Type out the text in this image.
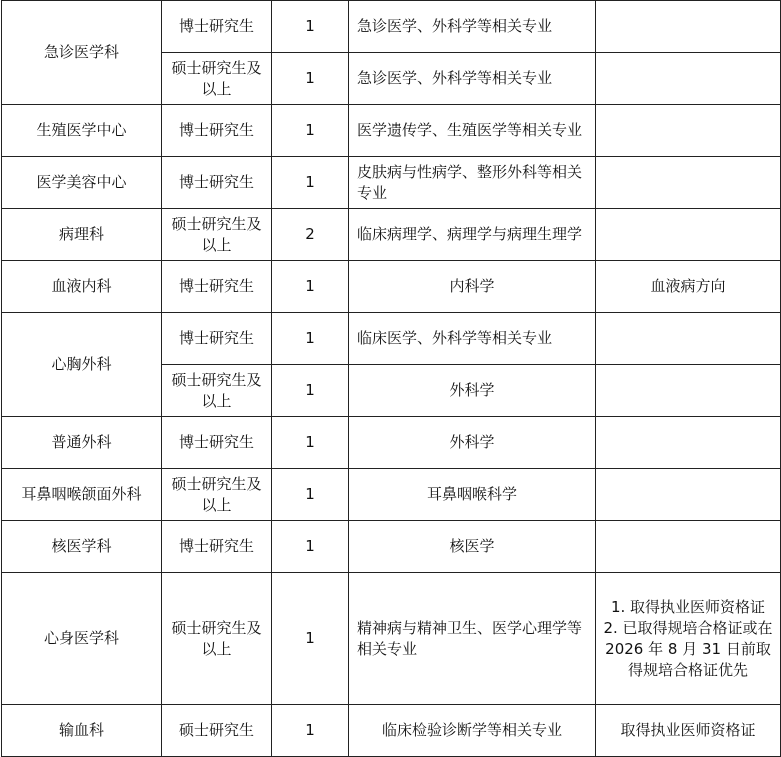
急诊医学科	博士研究生	1	急诊医学、外科学等相关专业	
	硕士研究生及以上	1	急诊医学、外科学等相关专业	
生殖医学中心	博士研究生	1	医学遗传学、生殖医学等相关专业	
医学美容中心	博士研究生	1	皮肤病与性病学、整形外科等相关专业	
病理科	硕士研究生及以上	2	临床病理学、病理学与病理生理学	
血液内科	博士研究生	1	内科学	血液病方向
心胸外科	博士研究生	1	临床医学、外科学等相关专业	
	硕士研究生及以上	1	外科学	
普通外科	博士研究生	1	外科学	
耳鼻咽喉颌面外科	硕士研究生及以上	1	耳鼻咽喉科学	
核医学科	博士研究生	1	核医学	
心身医学科	硕士研究生及以上	1	精神病与精神卫生、医学心理学等相关专业	1. 取得执业医师资格证
2. 已取得规培合格证或在 2026 年 8 月 31 日前取得规培合格证优先

输血科	硕士研究生	1	临床检验诊断学等相关专业	取得执业医师资格证
